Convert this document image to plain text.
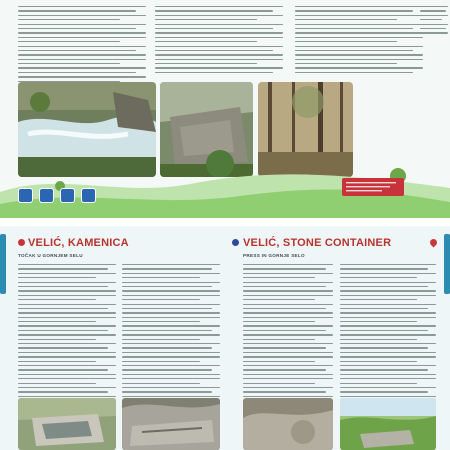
VELIĆ, KAMENICA
TOČAK U GORNJEM SELU
VELIĆ, STONE CONTAINER
PRESS IN GORNJE SELO
